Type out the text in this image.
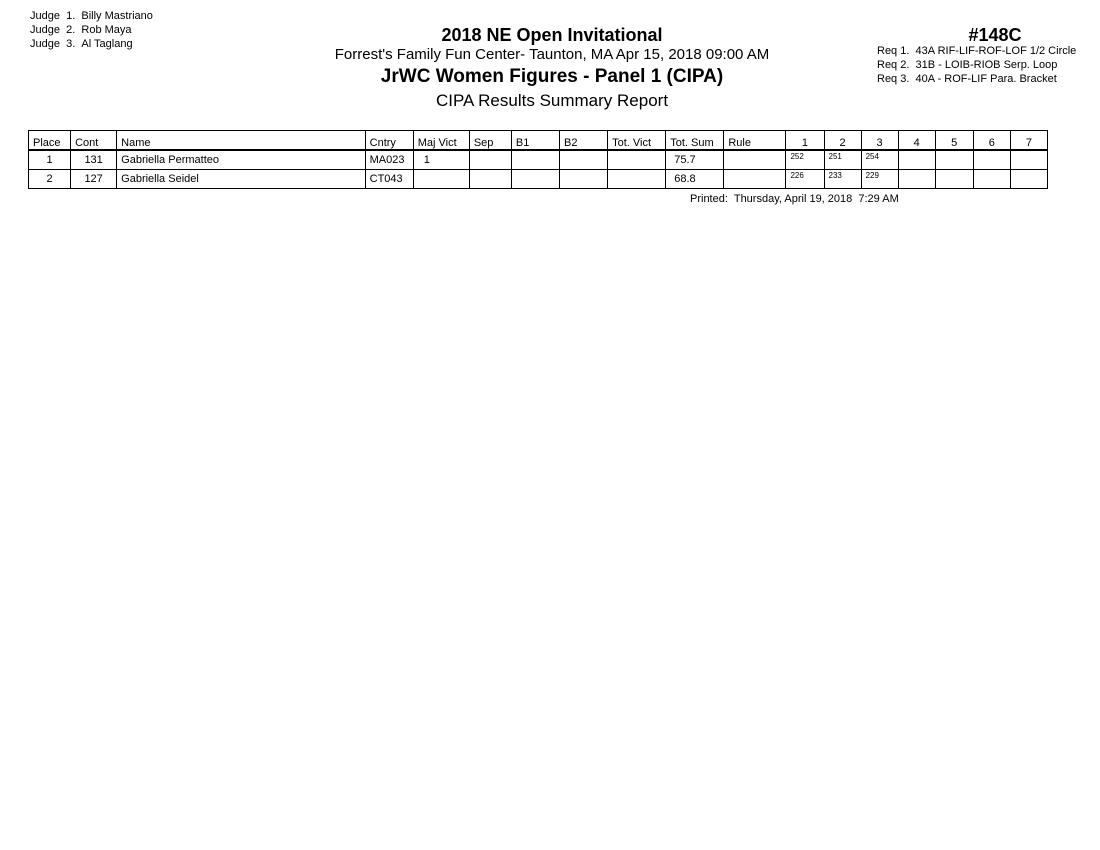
Judge  1. Billy Mastriano
Judge  2. Rob Maya
Judge  3. Al Taglang	2018 NE Open Invitational
Forrest's Family Fun Center- Taunton, MA Apr 15, 2018 09:00 AM
JrWC Women Figures - Panel 1 (CIPA)
CIPA Results Summary Report
#148C
Req 1. 43A RIF-LIF-ROF-LOF 1/2 Circle
Req 2. 31B - LOIB-RIOB Serp. Loop
Req 3. 40A - ROF-LIF Para. Bracket
Place	Cont	Name	Cntry	Maj Vict	Sep	B1	B2	Tot. Vict	Tot. Sum	Rule	1	2	3	4	5	6	7
1	131	Gabriella Permatteo	MA023	1					75.7		252	251	254				
2	127	Gabriella Seidel	CT043						68.8		226	233	229				
Printed: Thursday, April 19, 2018  7:29 AM
